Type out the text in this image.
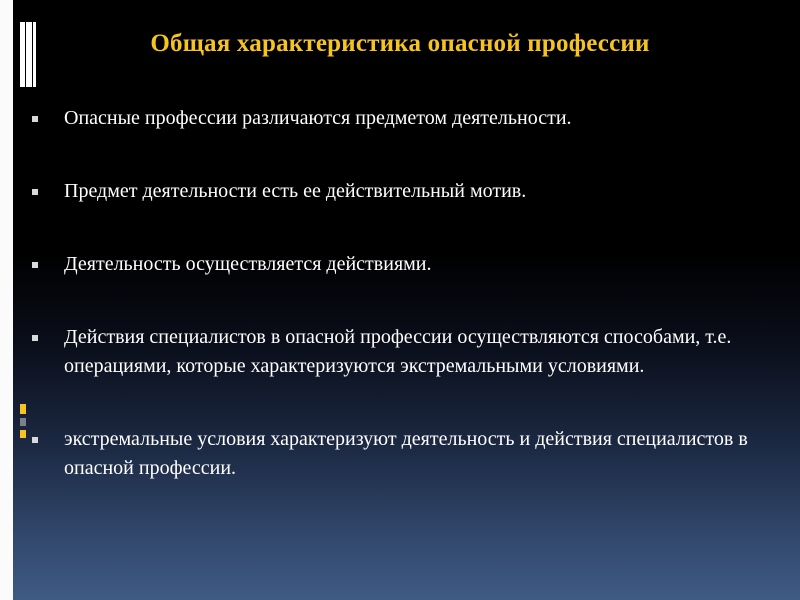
Общая характеристика опасной профессии
Опасные профессии различаются предметом деятельности.
Предмет деятельности есть ее действительный мотив.
Деятельность осуществляется действиями.
Действия специалистов в опасной профессии осуществляются способами, т.е. операциями, которые характеризуются экстремальными условиями.
экстремальные условия характеризуют деятельность и действия специалистов в опасной профессии.
